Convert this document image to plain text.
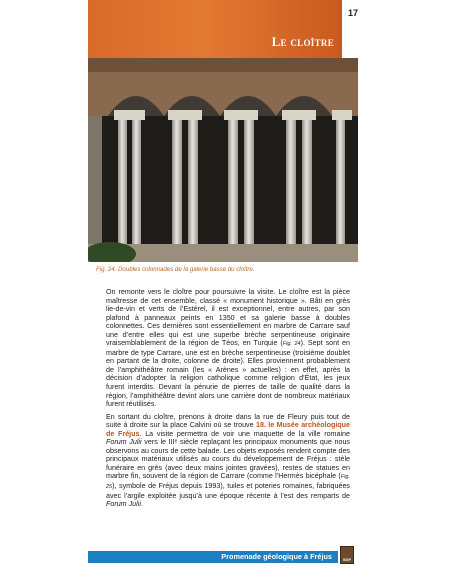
Le cloître
17
Fig. 24. Doubles colonnades de la galerie basse du cloître.

On remonte vers le cloître pour poursuivre la visite. Le cloître est la pièce maîtresse de cet ensemble, classé « monument historique ». Bâti en grès lie-de-vin et verts de l’Estérel, il est exceptionnel, entre autres, par son plafond à panneaux peints en 1350 et sa galerie basse à doubles colonnettes. Ces dernières sont essentiellement en marbre de Carrare sauf une d’entre elles qui est une superbe brèche serpentineuse originaire vraisemblablement de la région de Téos, en Turquie (Fig. 24). Sept sont en marbre de type Carrare, une est en brèche serpentineuse (troisième doublet en partant de la droite, colonne de droite). Elles proviennent probablement de l’amphithéâtre romain (les « Arènes » actuelles) : en effet, après la décision d’adopter la religion catholique comme religion d’État, les jeux furent interdits. Devant la pénurie de pierres de taille de qualité dans la région, l’amphithéâtre devint alors une carrière dont de nombreux matériaux furent réutilisés.

En sortant du cloître, prenons à droite dans la rue de Fleury puis tout de suite à droite sur la place Calvini où se trouve 18. le Musée archéologique de Fréjus. La visite permettra de voir une maquette de la ville romaine Forum Julii vers le IIIᵉ siècle replaçant les principaux monuments que nous observons au cours de cette balade. Les objets exposés rendent compte des principaux matériaux utilisés au cours du développement de Fréjus : stèle funéraire en grès (avec deux mains jointes gravées), restes de statues en marbre fin, souvent de la région de Carrare (comme l’Hermès bicéphale (Fig. 25), symbole de Fréjus depuis 1993), tuiles et poteries romaines, fabriquées avec l’argile exploitée jusqu’à une époque récente à l’est des remparts de Forum Julii.

Promenade géologique à Fréjus	SGF
